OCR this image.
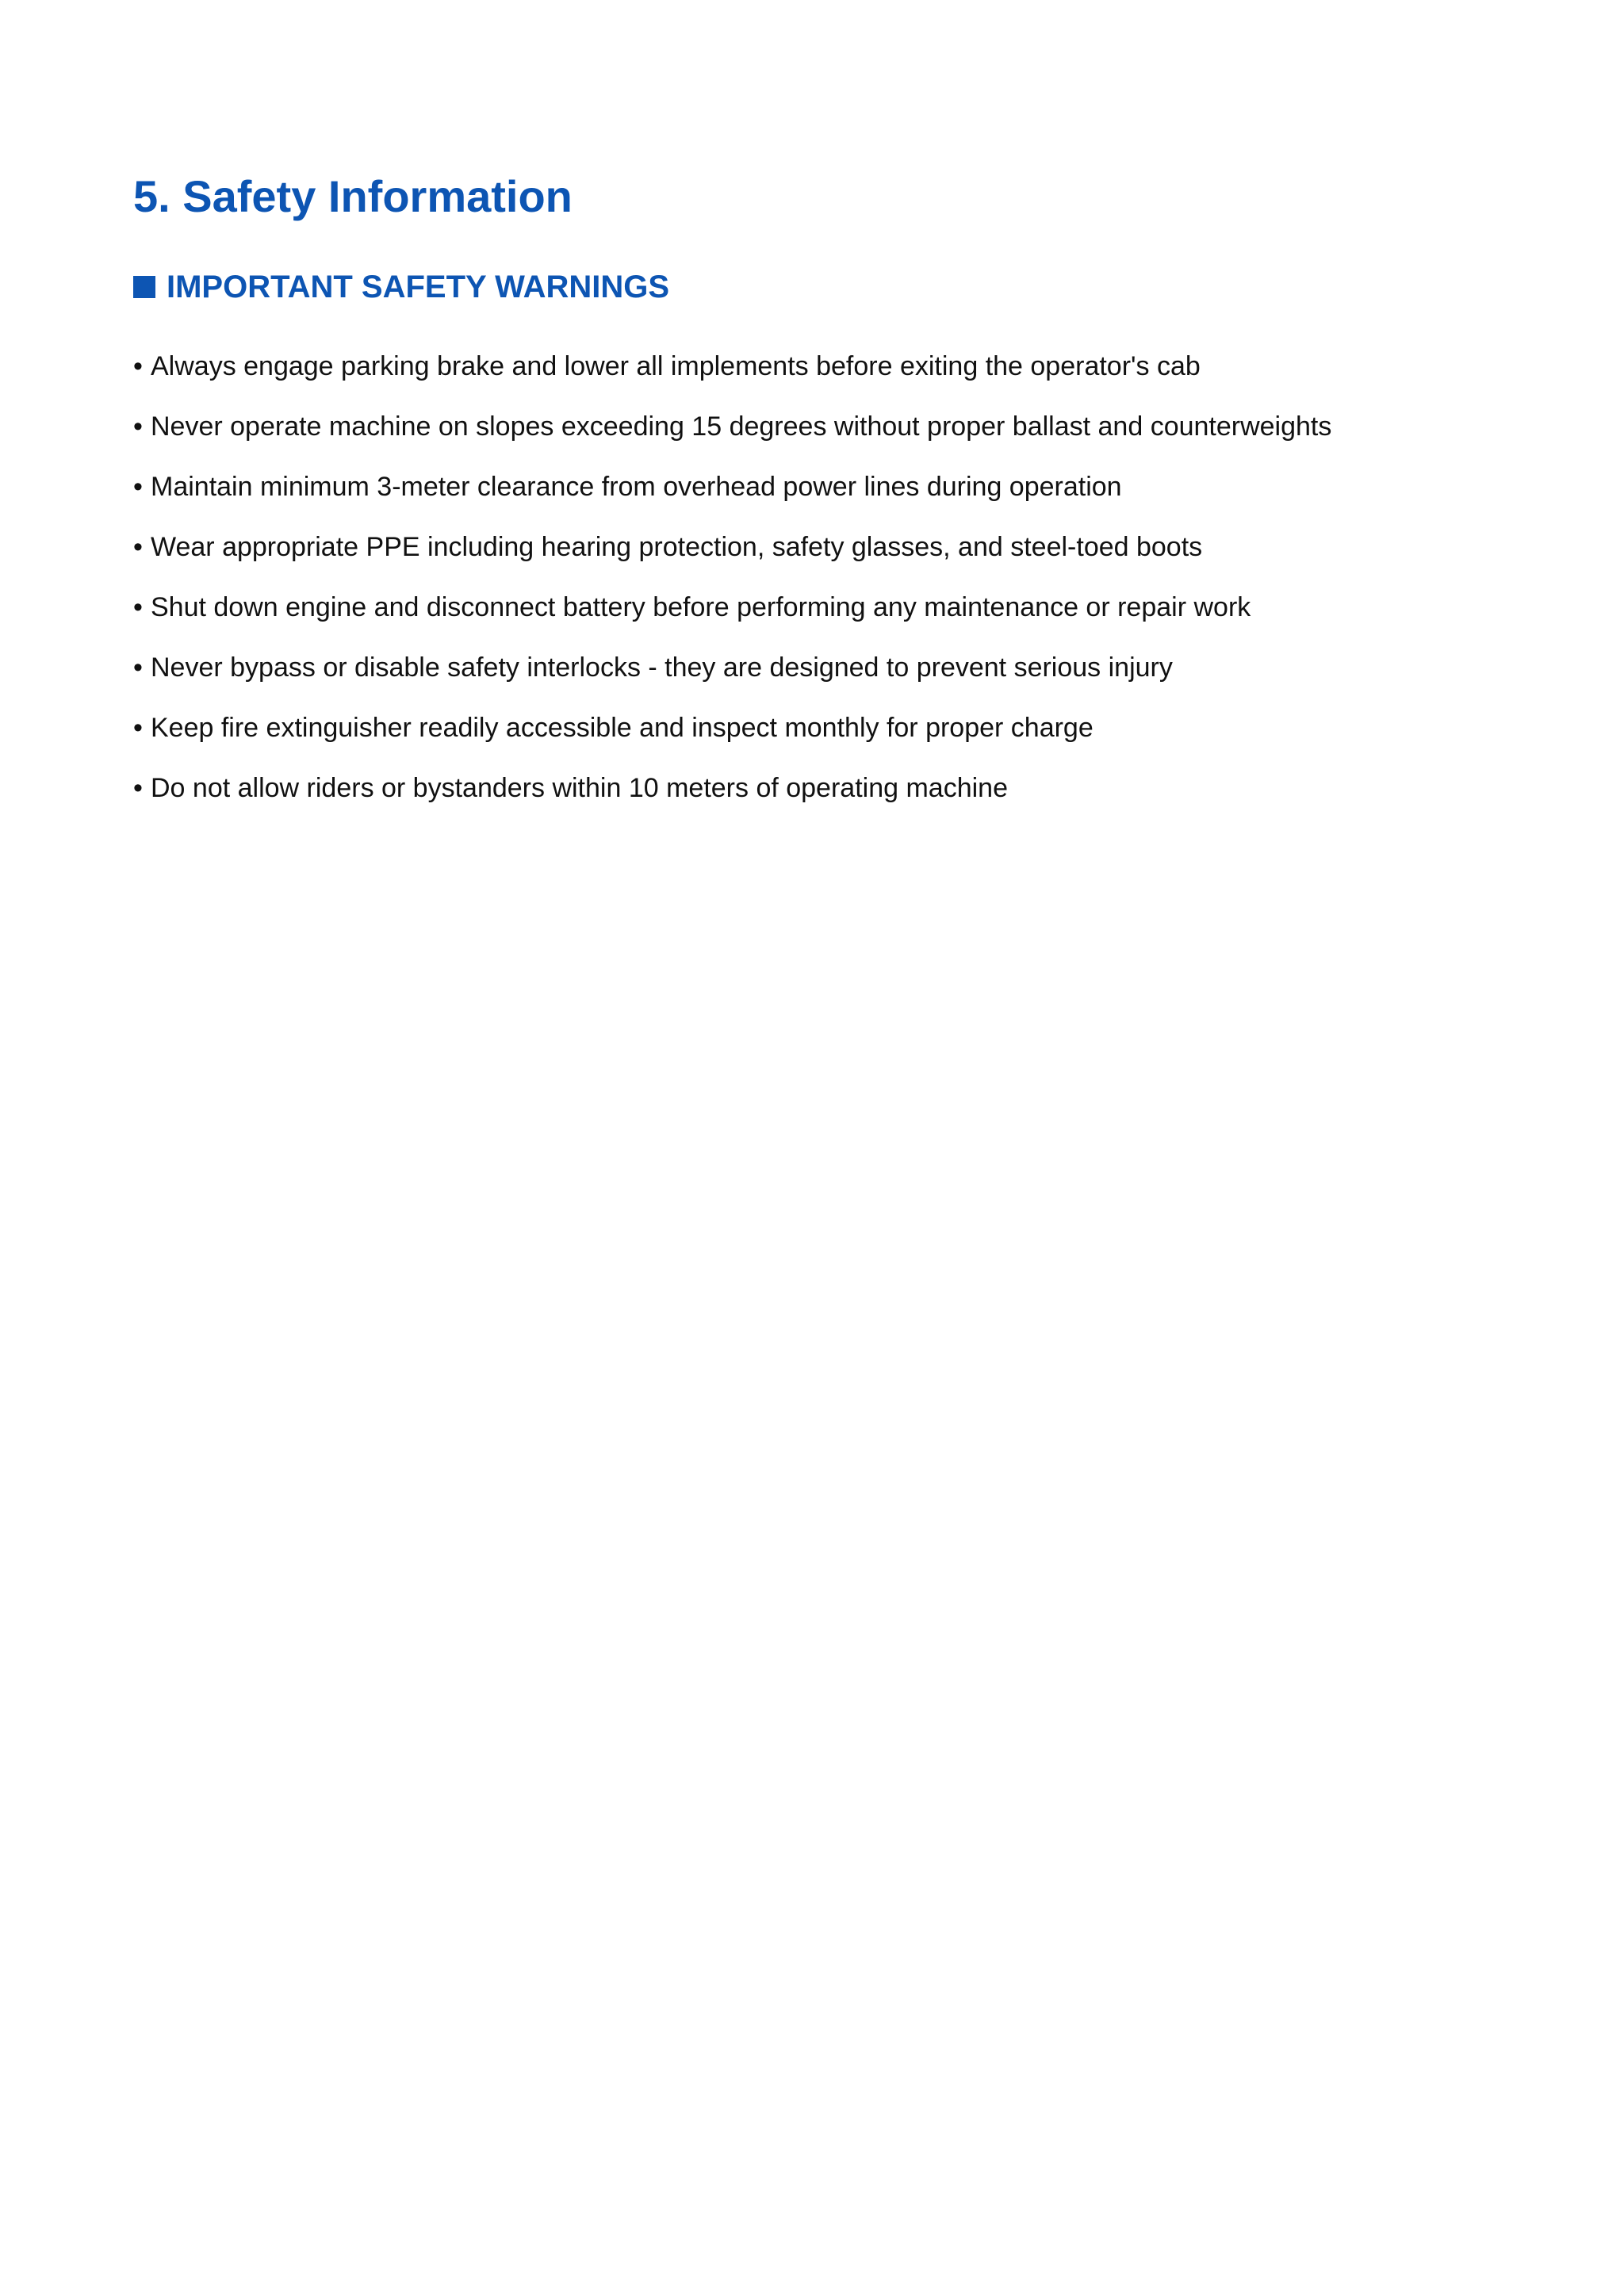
5. Safety Information
IMPORTANT SAFETY WARNINGS
• Always engage parking brake and lower all implements before exiting the operator's cab
• Never operate machine on slopes exceeding 15 degrees without proper ballast and counterweights
• Maintain minimum 3-meter clearance from overhead power lines during operation
• Wear appropriate PPE including hearing protection, safety glasses, and steel-toed boots
• Shut down engine and disconnect battery before performing any maintenance or repair work
• Never bypass or disable safety interlocks - they are designed to prevent serious injury
• Keep fire extinguisher readily accessible and inspect monthly for proper charge
• Do not allow riders or bystanders within 10 meters of operating machine
